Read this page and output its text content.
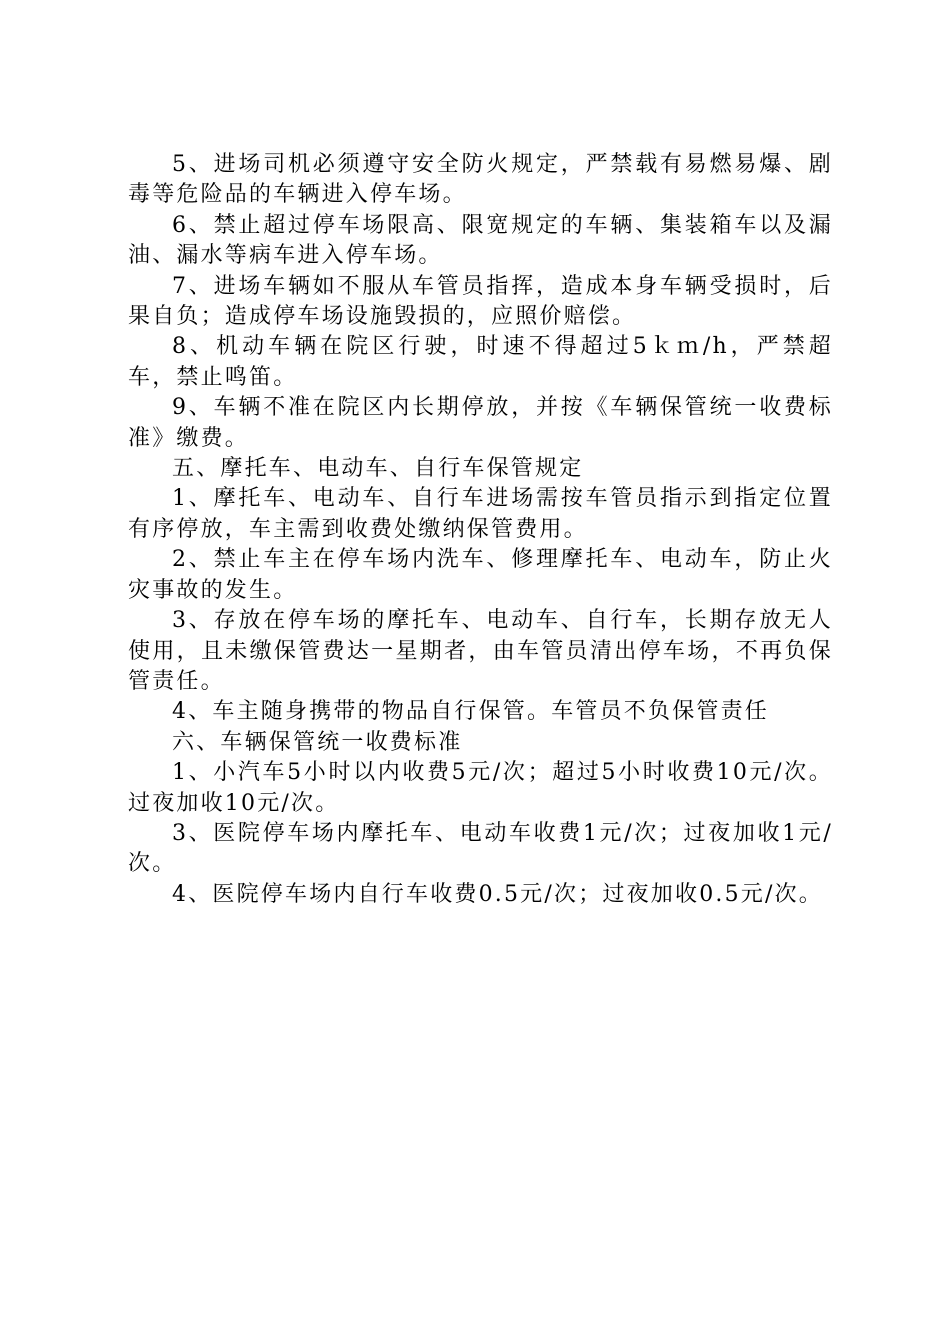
5、进场司机必须遵守安全防火规定，严禁载有易燃易爆、剧毒等危险品的车辆进入停车场。

6、禁止超过停车场限高、限宽规定的车辆、集装箱车以及漏油、漏水等病车进入停车场。

7、进场车辆如不服从车管员指挥，造成本身车辆受损时，后果自负；造成停车场设施毁损的，应照价赔偿。

8、机动车辆在院区行驶，时速不得超过5ｋｍ/h，严禁超车，禁止鸣笛。

9、车辆不准在院区内长期停放，并按《车辆保管统一收费标准》缴费。

五、摩托车、电动车、自行车保管规定

1、摩托车、电动车、自行车进场需按车管员指示到指定位置有序停放，车主需到收费处缴纳保管费用。

2、禁止车主在停车场内洗车、修理摩托车、电动车，防止火灾事故的发生。

3、存放在停车场的摩托车、电动车、自行车，长期存放无人使用，且未缴保管费达一星期者，由车管员清出停车场，不再负保管责任。

4、车主随身携带的物品自行保管。车管员不负保管责任

六、车辆保管统一收费标准

1、小汽车5小时以内收费5元/次；超过5小时收费10元/次。过夜加收10元/次。

3、医院停车场内摩托车、电动车收费1元/次；过夜加收1元/次。

4、医院停车场内自行车收费0.5元/次；过夜加收0.5元/次。
